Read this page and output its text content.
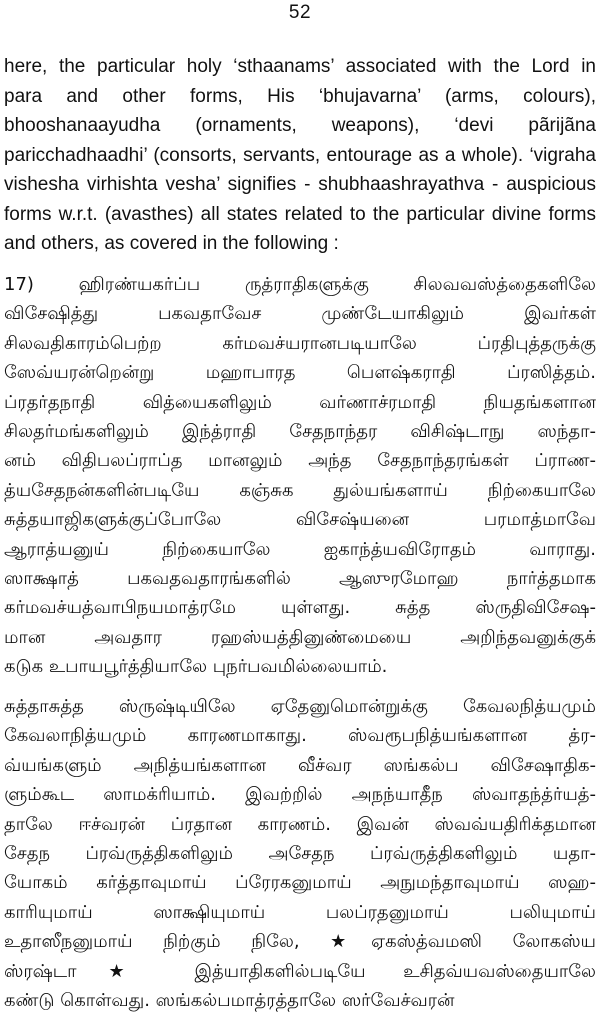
52
here, the particular holy ‘sthaanams’ associated with the Lord in
para and other forms, His ‘bhujavarna’ (arms, colours),
bhooshanaayudha (ornaments, weapons), ‘devi pãrijãna
paricchadhaadhi’ (consorts, servants, entourage as a whole). ‘vigraha
vishesha virhishta vesha’ signifies - shubhaashrayathva - auspicious
forms w.r.t. (avasthes) all states related to the particular divine forms
and others, as covered in the following :
17) ஹிரண்யகர்ப்ப ருத்ராதிகளுக்கு சிலவவஸ்த்தைகளிலே
விசேஷித்து பகவதாவேச முண்டேயாகிலும் இவர்கள்
சிலவதிகாரம்பெற்ற கர்மவச்யரானபடியாலே ப்ரதிபுத்தருக்கு
ஸேவ்யரன்றென்று மஹாபாரத பௌஷ்கராதி ப்ரஸித்தம்.
ப்ரதர்தநாதி வித்யைகளிலும் வர்ணாச்ரமாதி நியதங்களான
சிலதர்மங்களிலும் இந்த்ராதி சேதநாந்தர விசிஷ்டாநு ஸந்தா-
னம் விதிபலப்ராப்த மானலும் அந்த சேதநாந்தரங்கள் ப்ராண-
த்யசேதநன்களின்படியே கஞ்சுக துல்யங்களாய் நிற்கையாலே
சுத்தயாஜிகளுக்குப்போலே விசேஷ்யனை பரமாத்மாவே
ஆராத்யனுய் நிற்கையாலே ஐகாந்த்யவிரோதம் வாராது.
ஸாக்ஷாத் பகவதவதாரங்களில் ஆஸுரமோஹ நார்த்தமாக
கர்மவச்யத்வாபிநயமாத்ரமே யுள்ளது. சுத்த ஸ்ருதிவிசேஷ-
மான அவதார ரஹஸ்யத்தினுண்மையை அறிந்தவனுக்குக்
கடுக உபாயபூர்த்தியாலே புநர்பவமில்லையாம்.
சுத்தாசுத்த ஸ்ருஷ்டியிலே ஏதேனுமொன்றுக்கு கேவலநித்யமும்
கேவலாநித்யமும் காரணமாகாது. ஸ்வரூபநித்யங்களான த்ர-
வ்யங்களும் அநித்யங்களான வீச்வர ஸங்கல்ப விசேஷாதிக-
ளும்கூட ஸாமக்ரியாம். இவற்றில் அநந்யாதீந ஸ்வாதந்த்ர்யத்-
தாலே ஈச்வரன் ப்ரதான காரணம். இவன் ஸ்வவ்யதிரிக்தமான
சேதந ப்ரவ்ருத்திகளிலும் அசேதந ப்ரவ்ருத்திகளிலும் யதா-
யோகம் கர்த்தாவுமாய் ப்ரேரகனுமாய் அநுமந்தாவுமாய் ஸஹ-
காரியுமாய் ஸாக்ஷியுமாய் பலப்ரதனுமாய் பலியுமாய்
உதாஸீநனுமாய் நிற்கும் நிலே, ★ஏகஸ்த்வமஸி லோகஸ்ய
ஸ்ரஷ்டா★ இத்யாதிகளில்படியே உசிதவ்யவஸ்தையாலே
கண்டு கொள்வது. ஸங்கல்பமாத்ரத்தாலே ஸர்வேச்வரன்
